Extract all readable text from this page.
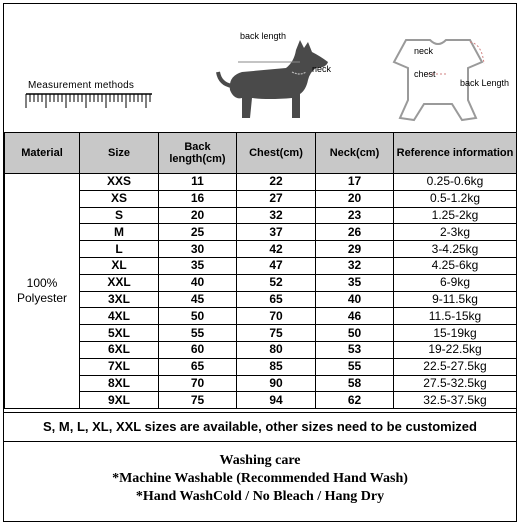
Measurement methods
back length
neck
chest
neck
chest
back Length
Material	Size	Back length(cm)	Chest(cm)	Neck(cm)	Reference information
100% Polyester	XXS	11	22	17	0.25-0.6kg
	XS	16	27	20	0.5-1.2kg
	S	20	32	23	1.25-2kg
	M	25	37	26	2-3kg
	L	30	42	29	3-4.25kg
	XL	35	47	32	4.25-6kg
	XXL	40	52	35	6-9kg
	3XL	45	65	40	9-11.5kg
	4XL	50	70	46	11.5-15kg
	5XL	55	75	50	15-19kg
	6XL	60	80	53	19-22.5kg
	7XL	65	85	55	22.5-27.5kg
	8XL	70	90	58	27.5-32.5kg
	9XL	75	94	62	32.5-37.5kg
S, M, L, XL, XXL sizes are available, other sizes need to be customized
Washing care
*Machine Washable (Recommended Hand Wash)
*Hand WashCold / No Bleach / Hang Dry
